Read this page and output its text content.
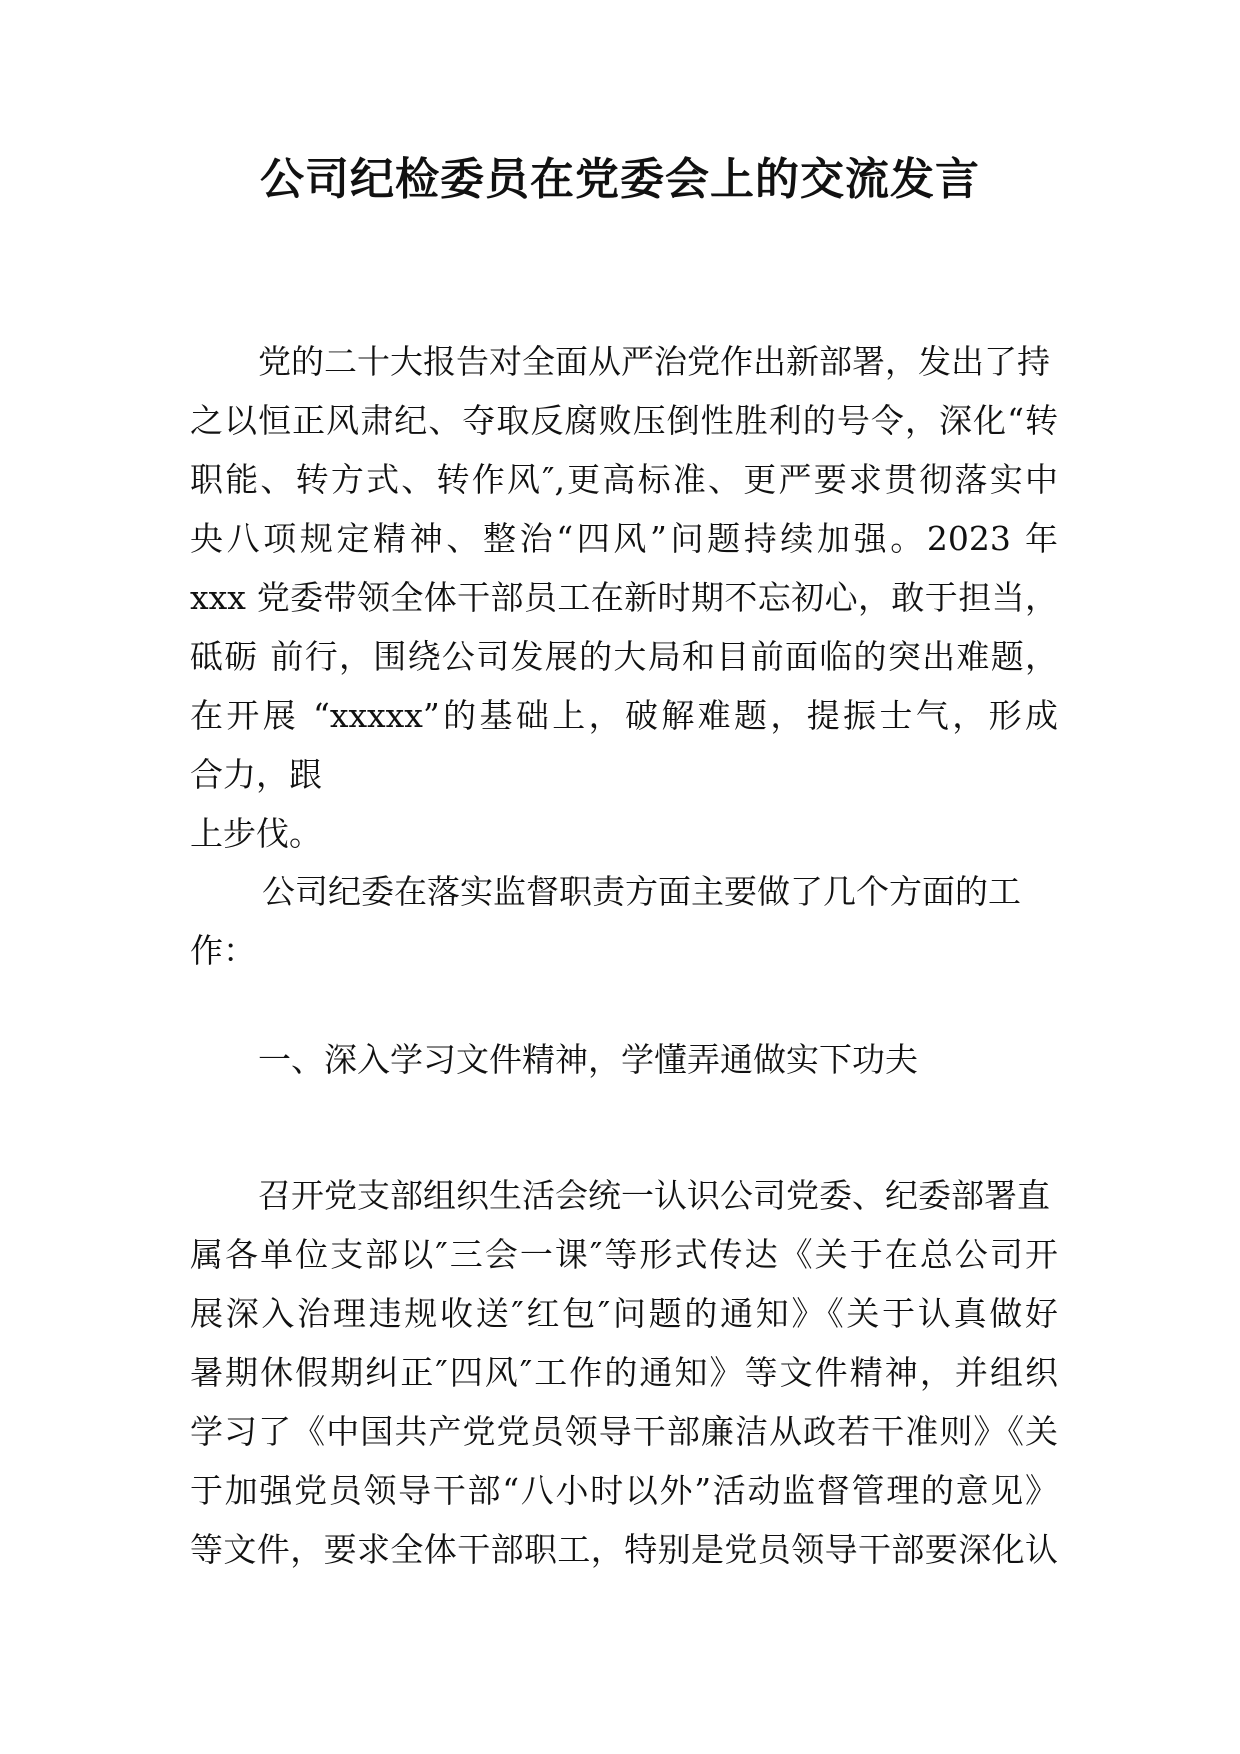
公司纪检委员在党委会上的交流发言
党的二十大报告对全面从严治党作出新部署，发出了持
之以恒正风肃纪、夺取反腐败压倒性胜利的号令，深化“转
职能、转方式、转作风″,更高标准、更严要求贯彻落实中
央八项规定精神、整治“四风”问题持续加强。2023 年
xxx 党委带领全体干部员工在新时期不忘初心，敢于担当，
砥砺 前行，围绕公司发展的大局和目前面临的突出难题，
在开展 “xxxxx”的基础上，破解难题，提振士气，形成
合力，跟
上步伐。
公司纪委在落实监督职责方面主要做了几个方面的工
作：
一、深入学习文件精神，学懂弄通做实下功夫
召开党支部组织生活会统一认识公司党委、纪委部署直
属各单位支部以″三会一课″等形式传达《关于在总公司开
展深入治理违规收送″红包″问题的通知》《关于认真做好
暑期休假期纠正″四风″工作的通知》等文件精神，并组织
学习了《中国共产党党员领导干部廉洁从政若干准则》《关
于加强党员领导干部“八小时以外”活动监督管理的意见》
等文件，要求全体干部职工，特别是党员领导干部要深化认
